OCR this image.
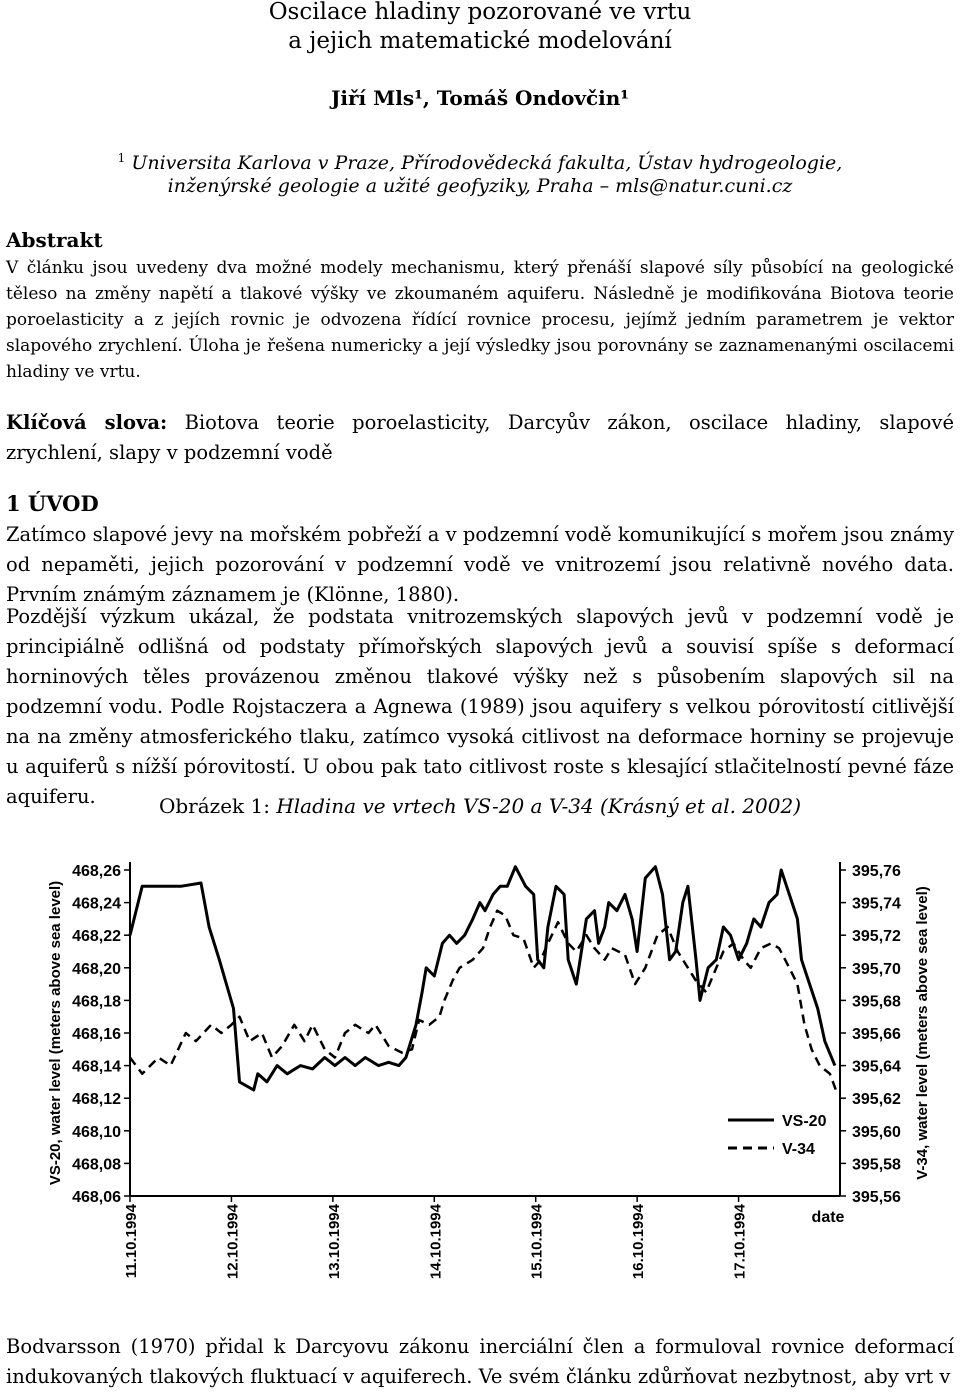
Oscilace hladiny pozorované ve vrtu
a jejich matematické modelování
Jiří Mls¹, Tomáš Ondovčin¹
$^1$ Universita Karlova v Praze, Přírodovědecká fakulta, Ústav hydrogeologie,
inženýrské geologie a užité geofyziky, Praha – mls@natur.cuni.cz
Abstrakt
V článku jsou uvedeny dva možné modely mechanismu, který přenáší slapové síly působící na geologické těleso na změny napětí a tlakové výšky ve zkoumaném aquiferu. Následně je modifikována Biotova teorie poroelasticity a z jejích rovnic je odvozena řídící rovnice procesu, jejímž jedním parametrem je vektor slapového zrychlení. Úloha je řešena numericky a její výsledky jsou porovnány se zaznamenanými oscilacemi hladiny ve vrtu.
Klíčová slova: Biotova teorie poroelasticity, Darcyův zákon, oscilace hladiny, slapové zrychlení, slapy v podzemní vodě
1 ÚVOD
Zatímco slapové jevy na mořském pobřeží a v podzemní vodě komunikující s mořem jsou známy od nepaměti, jejich pozorování v podzemní vodě ve vnitrozemí jsou relativně nového data. Prvním známým záznamem je (Klönne, 1880).
Pozdější výzkum ukázal, že podstata vnitrozemských slapových jevů v podzemní vodě je principiálně odlišná od podstaty přímořských slapových jevů a souvisí spíše s deformací horninových těles provázenou změnou tlakové výšky než s působením slapových sil na podzemní vodu. Podle Rojstaczera a Agnewa (1989) jsou aquifery s velkou pórovitostí citlivější na na změny atmosferického tlaku, zatímco vysoká citlivost na deformace horniny se projevuje u aquiferů s nížší pórovitostí. U obou pak tato citlivost roste s klesající stlačitelností pevné fáze aquiferu.	Obrázek 1: Hladina ve vrtech VS-20 a V-34 (Krásný et al. 2002)
468,26
468,24
468,22
468,20
468,18
468,16
468,14
468,12
468,10
468,08
468,06
395,76
395,74
395,72
395,70
395,68
395,66
395,64
395,62
395,60
395,58
395,56
11.10.1994	12.10.1994	13.10.1994	14.10.1994	15.10.1994	16.10.1994	17.10.1994	date
VS-20, water level (meters above sea level)	V-34, water level (meters above sea level)
VS-20
V-34
Bodvarsson (1970) přidal k Darcyovu zákonu inerciální člen a formuloval rovnice deformací indukovaných tlakových fluktuací v aquiferech. Ve svém článku zdůrňovat nezbytnost, aby vrt v
